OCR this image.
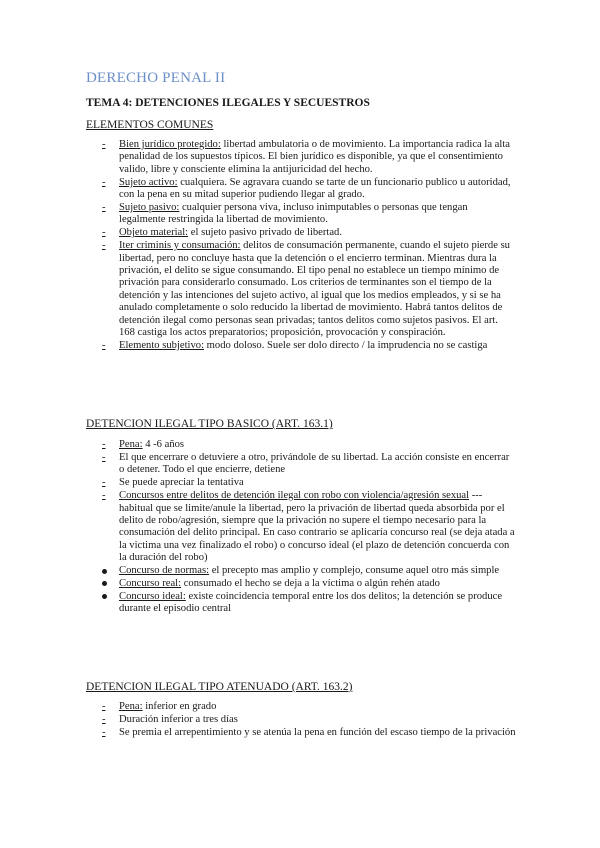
DERECHO PENAL II
TEMA 4: DETENCIONES ILEGALES Y SECUESTROS
ELEMENTOS COMUNES
-	Bien jurídico protegido: libertad ambulatoria o de movimiento. La importancia radica la alta penalidad de los supuestos típicos. El bien jurídico es disponible, ya que el consentimiento valido, libre y consciente elimina la antijuricidad del hecho.
-	Sujeto activo: cualquiera. Se agravara cuando se tarte de un funcionario publico u autoridad, con la pena en su mitad superior pudiendo llegar al grado.
-	Sujeto pasivo: cualquier persona viva, incluso inimputables o personas que tengan legalmente restringida la libertad de movimiento.
-	Objeto material: el sujeto pasivo privado de libertad.
-	Iter criminis y consumación: delitos de consumación permanente, cuando el sujeto pierde su libertad, pero no concluye hasta que la detención o el encierro terminan. Mientras dura la privación, el delito se sigue consumando. El tipo penal no establece un tiempo mínimo de privación para considerarlo consumado. Los criterios de terminantes son el tiempo de la detención y las intenciones del sujeto activo, al igual que los medios empleados, y si se ha anulado completamente o solo reducido la libertad de movimiento. Habrá tantos delitos de detención ilegal como personas sean privadas; tantos delitos como sujetos pasivos. El art. 168 castiga los actos preparatorios; proposición, provocación y conspiración.
-	Elemento subjetivo: modo doloso. Suele ser dolo directo / la imprudencia no se castiga
DETENCION ILEGAL TIPO BASICO (ART. 163.1)
-	Pena: 4 -6 años
-	El que encerrare o detuviere a otro, privándole de su libertad. La acción consiste en encerrar o detener. Todo el que encierre, detiene
-	Se puede apreciar la tentativa
-	Concursos entre delitos de detención ilegal con robo con violencia/agresión sexual --- habitual que se limite/anule la libertad, pero la privación de libertad queda absorbida por el delito de robo/agresión, siempre que la privación no supere el tiempo necesario para la consumación del delito principal. En caso contrario se aplicaría concurso real (se deja atada a la victima una vez finalizado el robo) o concurso ideal (el plazo de detención concuerda con la duración del robo)
Concurso de normas: el precepto mas amplio y complejo, consume aquel otro más simple
Concurso real: consumado el hecho se deja a la víctima o algún rehén atado
Concurso ideal: existe coincidencia temporal entre los dos delitos; la detención se produce durante el episodio central
DETENCION ILEGAL TIPO ATENUADO (ART. 163.2)
-	Pena: inferior en grado
-	Duración inferior a tres días
-	Se premia el arrepentimiento y se atenúa la pena en función del escaso tiempo de la privación
